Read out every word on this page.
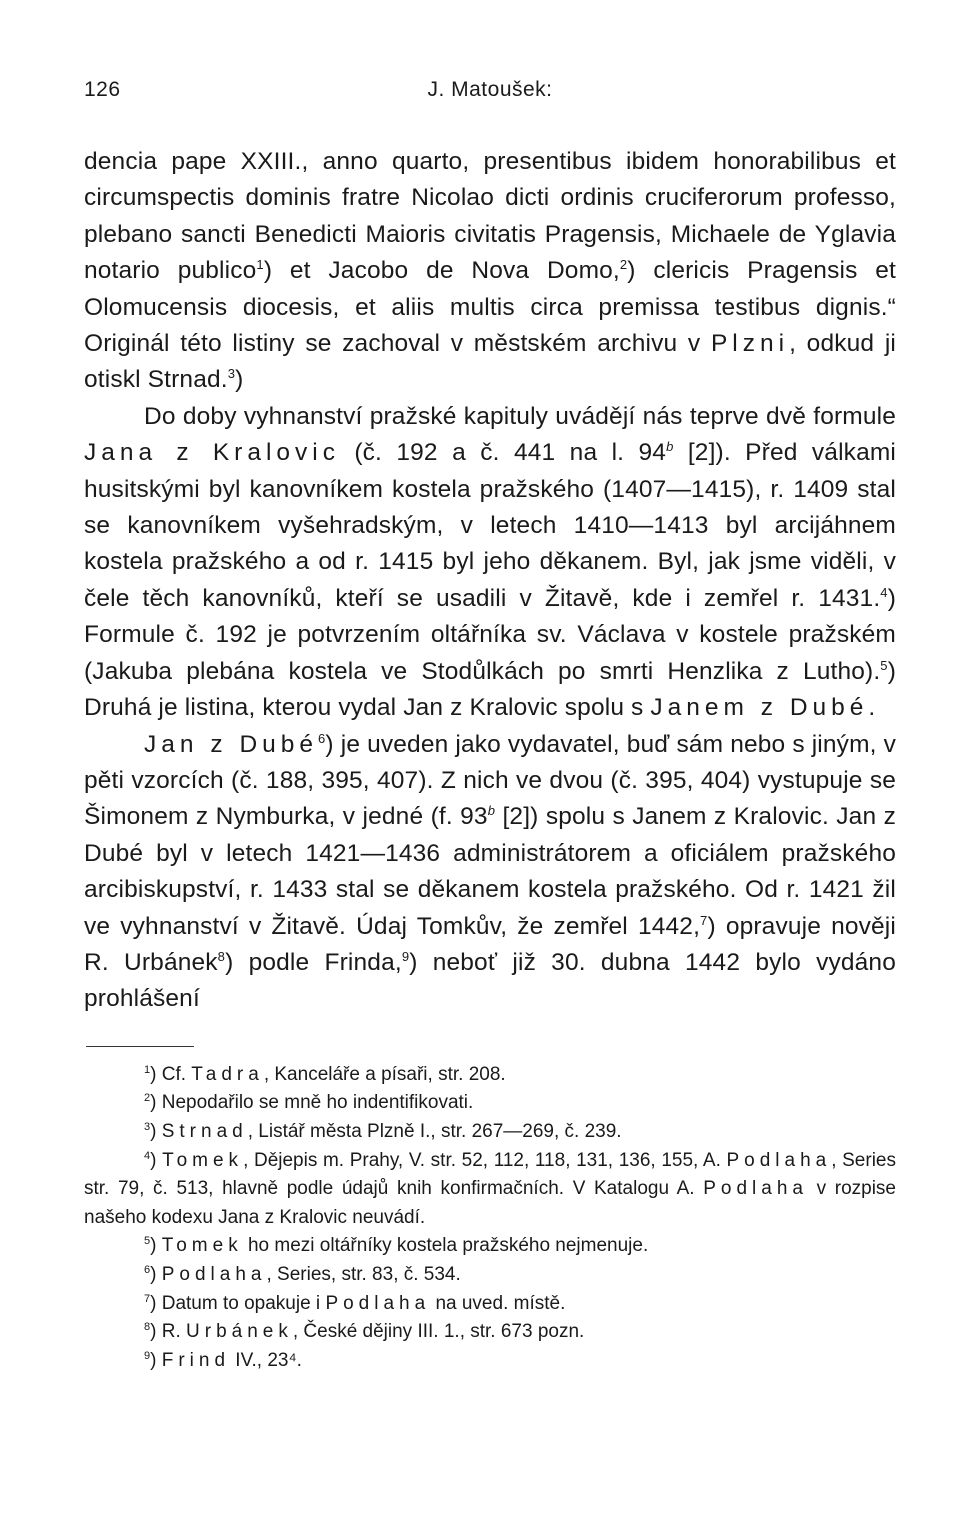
126	J. Matoušek:

dencia pape XXIII., anno quarto, presentibus ibidem honorabilibus et circumspectis dominis fratre Nicolao dicti ordinis cruciferorum professo, plebano sancti Benedicti Maioris civitatis Pragensis, Michaele de Yglavia notario publico$^1$) et Jacobo de Nova Domo,$^2$) clericis Pragensis et Olomucensis diocesis, et aliis multis circa premissa testibus dignis.“ Originál této listiny se zachoval v městském archivu v Plzni, odkud ji otiskl Strnad.$^3$)

Do doby vyhnanství pražské kapituly uvádějí nás teprve dvě formule Jana z Kralovic (č. 192 a č. 441 na l. 94$^b$ [2]). Před válkami husitskými byl kanovníkem kostela pražského (1407—1415), r. 1409 stal se kanovníkem vyšehradským, v letech 1410—1413 byl arcijáhnem kostela pražského a od r. 1415 byl jeho děkanem. Byl, jak jsme viděli, v čele těch kanovníků, kteří se usadili v Žitavě, kde i zemřel r. 1431.$^4$) Formule č. 192 je potvrzením oltářníka sv. Václava v kostele pražském (Jakuba plebána kostela ve Stodůlkách po smrti Henzlika z Lutho).$^5$) Druhá je listina, kterou vydal Jan z Kralovic spolu s Janem z Dubé.

Jan z Dubé$^6$) je uveden jako vydavatel, buď sám nebo s jiným, v pěti vzorcích (č. 188, 395, 407). Z nich ve dvou (č. 395, 404) vystupuje se Šimonem z Nymburka, v jedné (f. 93$^b$ [2]) spolu s Janem z Kralovic. Jan z Dubé byl v letech 1421—1436 administrátorem a oficiálem pražského arcibiskupství, r. 1433 stal se děkanem kostela pražského. Od r. 1421 žil ve vyhnanství v Žitavě. Údaj Tomkův, že zemřel 1442,$^7$) opravuje nověji R. Urbánek$^8$) podle Frinda,$^9$) neboť již 30. dubna 1442 bylo vydáno prohlášení

$^1$) Cf. Tadra, Kanceláře a písaři, str. 208.

$^2$) Nepodařilo se mně ho indentifikovati.

$^3$) Strnad, Listář města Plzně I., str. 267—269, č. 239.

$^4$) Tomek, Dějepis m. Prahy, V. str. 52, 112, 118, 131, 136, 155, A. Podlaha, Series str. 79, č. 513, hlavně podle údajů knih konfirmačních. V Katalogu A. Podlaha v rozpise našeho kodexu Jana z Kralovic neuvádí.

$^5$) Tomek ho mezi oltářníky kostela pražského nejmenuje.

$^6$) Podlaha, Series, str. 83, č. 534.

$^7$) Datum to opakuje i Podlaha na uved. místě.

$^8$) R. Urbánek, České dějiny III. 1., str. 673 pozn.

$^9$) Frind IV., 23⁴.
